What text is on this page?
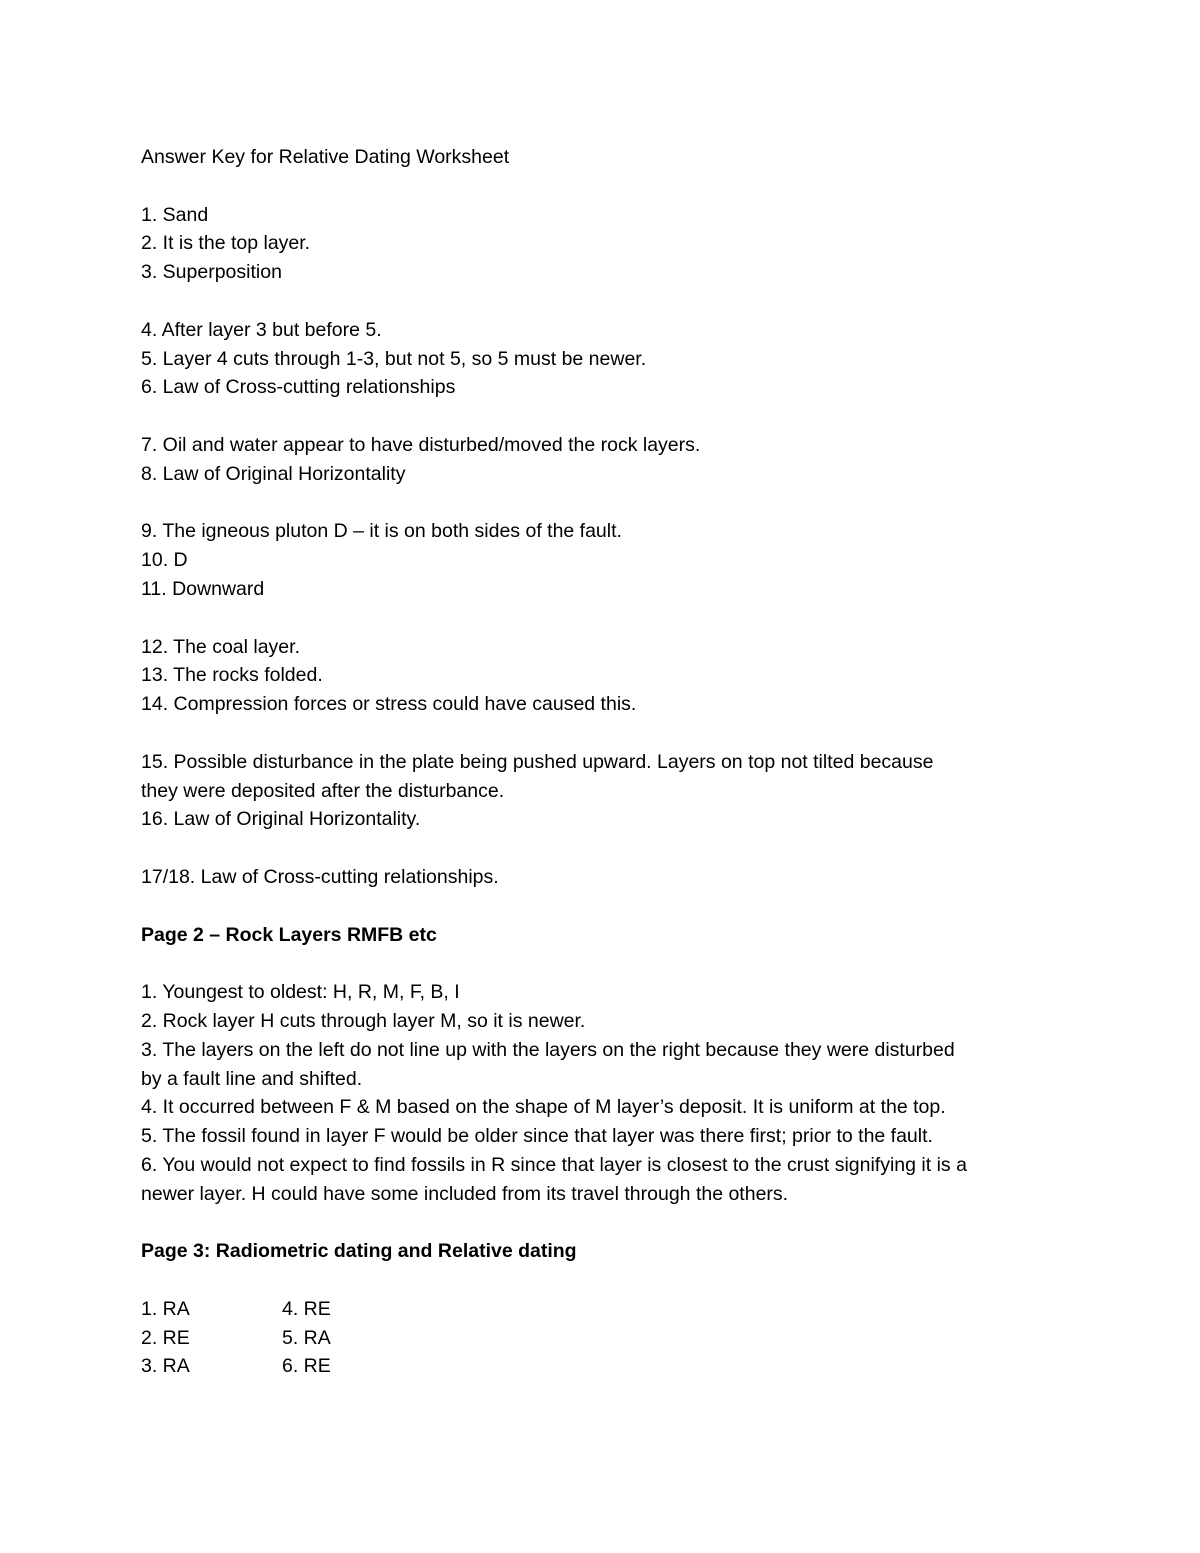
Answer Key for Relative Dating Worksheet

1. Sand

2. It is the top layer.

3. Superposition

4. After layer 3 but before 5.

5. Layer 4 cuts through 1-3, but not 5, so 5 must be newer.

6. Law of Cross-cutting relationships

7. Oil and water appear to have disturbed/moved the rock layers.

8. Law of Original Horizontality

9. The igneous pluton D – it is on both sides of the fault.

10. D

11. Downward

12. The coal layer.

13. The rocks folded.

14. Compression forces or stress could have caused this.

15. Possible disturbance in the plate being pushed upward. Layers on top not tilted because

they were deposited after the disturbance.

16. Law of Original Horizontality.

17/18. Law of Cross-cutting relationships.

Page 2 – Rock Layers RMFB etc

1. Youngest to oldest: H, R, M, F, B, I

2. Rock layer H cuts through layer M, so it is newer.

3. The layers on the left do not line up with the layers on the right because they were disturbed

by a fault line and shifted.

4. It occurred between F & M based on the shape of M layer’s deposit. It is uniform at the top.

5. The fossil found in layer F would be older since that layer was there first; prior to the fault.

6. You would not expect to find fossils in R since that layer is closest to the crust signifying it is a

newer layer. H could have some included from its travel through the others.

Page 3: Radiometric dating and Relative dating

1. RA	4. RE
2. RE	5. RA
3. RA	6. RE
